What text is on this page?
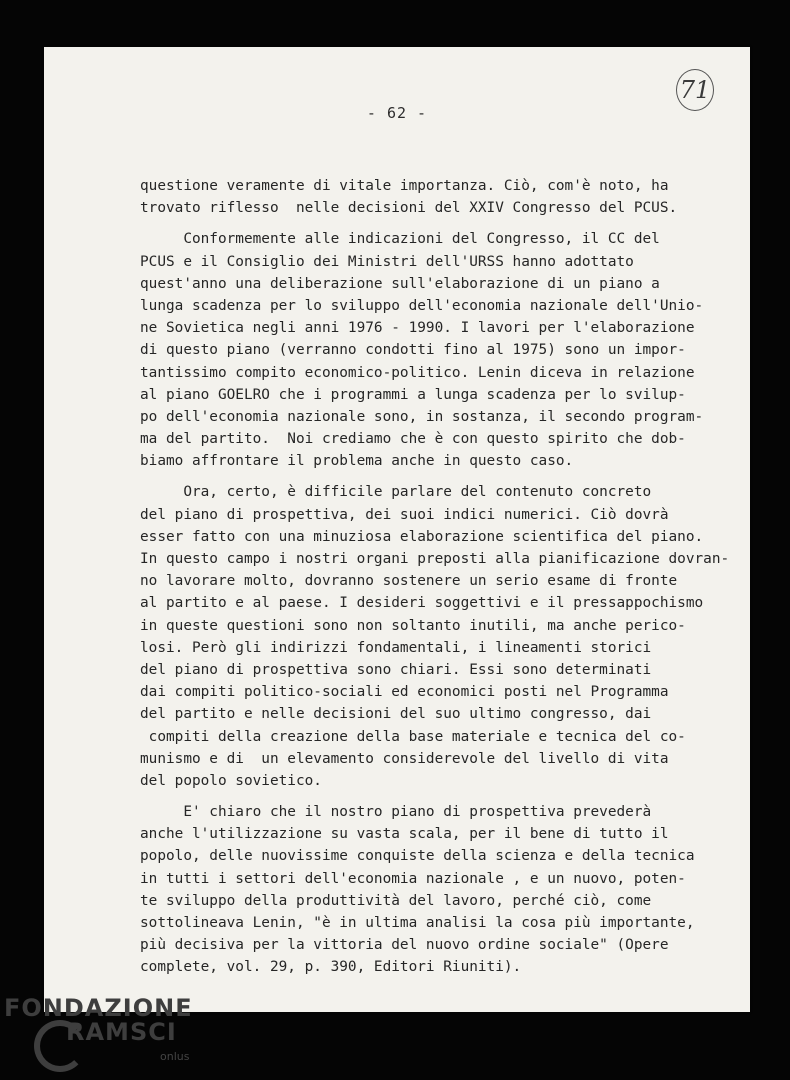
71
- 62 -
questione veramente di vitale importanza. Ciò, com'è noto, ha
trovato riflesso  nelle decisioni del XXIV Congresso del PCUS.
Conformemente alle indicazioni del Congresso, il CC del
PCUS e il Consiglio dei Ministri dell'URSS hanno adottato
quest'anno una deliberazione sull'elaborazione di un piano a
lunga scadenza per lo sviluppo dell'economia nazionale dell'Unio-
ne Sovietica negli anni 1976 - 1990. I lavori per l'elaborazione
di questo piano (verranno condotti fino al 1975) sono un impor-
tantissimo compito economico-politico. Lenin diceva in relazione
al piano GOELRO che i programmi a lunga scadenza per lo svilup-
po dell'economia nazionale sono, in sostanza, il secondo program-
ma del partito.  Noi crediamo che è con questo spirito che dob-
biamo affrontare il problema anche in questo caso.
Ora, certo, è difficile parlare del contenuto concreto
del piano di prospettiva, dei suoi indici numerici. Ciò dovrà
esser fatto con una minuziosa elaborazione scientifica del piano.
In questo campo i nostri organi preposti alla pianificazione dovran-
no lavorare molto, dovranno sostenere un serio esame di fronte
al partito e al paese. I desideri soggettivi e il pressappochismo
in queste questioni sono non soltanto inutili, ma anche perico-
losi. Però gli indirizzi fondamentali, i lineamenti storici
del piano di prospettiva sono chiari. Essi sono determinati
dai compiti politico-sociali ed economici posti nel Programma
del partito e nelle decisioni del suo ultimo congresso, dai
compiti della creazione della base materiale e tecnica del co-
munismo e di  un elevamento considerevole del livello di vita
del popolo sovietico.
E' chiaro che il nostro piano di prospettiva prevederà
anche l'utilizzazione su vasta scala, per il bene di tutto il
popolo, delle nuovissime conquiste della scienza e della tecnica
in tutti i settori dell'economia nazionale , e un nuovo, poten-
te sviluppo della produttività del lavoro, perché ciò, come
sottolineava Lenin, "è in ultima analisi la cosa più importante,
più decisiva per la vittoria del nuovo ordine sociale" (Opere
complete, vol. 29, p. 390, Editori Riuniti).
FONDAZIONE
RAMSCI
onlus
